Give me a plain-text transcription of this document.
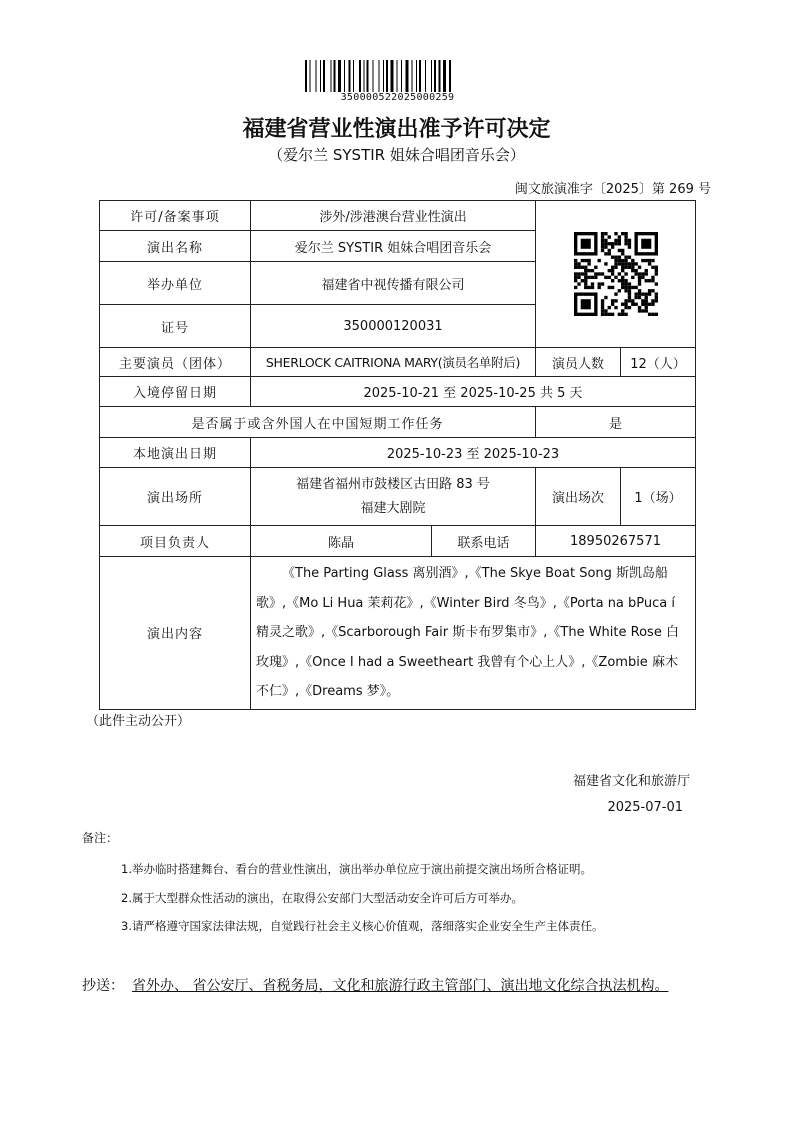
350000522025000259
福建省营业性演出准予许可决定
（爱尔兰 SYSTIR 姐妹合唱团音乐会）
闽文旅演准字〔2025〕第 269 号
许可/备案事项	涉外/涉港澳台营业性演出	

演出名称	爱尔兰 SYSTIR 姐妹合唱团音乐会			
举办单位	福建省中视传播有限公司			
证号	350000120031			
主要演员（团体）	SHERLOCK CAITRIONA MARY(演员名单附后)		演员人数	12（人）
入境停留日期	2025-10-21 至 2025-10-25 共 5 天			
是否属于或含外国人在中国短期工作任务			是	
本地演出日期	2025-10-23 至 2025-10-23			
演出场所	福建省福州市鼓楼区古田路 83 号
福建大剧院		演出场次	1（场）
项目负责人	陈晶	联系电话	18950267571	
演出内容	《The Parting Glass 离别酒》,《The Skye Boat Song 斯凯岛船歌》,《Mo Li Hua 茉莉花》,《Winter Bird 冬鸟》,《Porta na bPuca í 精灵之歌》,《Scarborough Fair 斯卡布罗集市》,《The White Rose 白玫瑰》,《Once I had a Sweetheart 我曾有个心上人》,《Zombie 麻木不仁》,《Dreams 梦》。			
（此件主动公开）
福建省文化和旅游厅
2025-07-01
备注：
1.举办临时搭建舞台、看台的营业性演出，演出举办单位应于演出前提交演出场所合格证明。
2.属于大型群众性活动的演出，在取得公安部门大型活动安全许可后方可举办。
3.请严格遵守国家法律法规，自觉践行社会主义核心价值观，落细落实企业安全生产主体责任。
抄送： 省外办、 省公安厅、省税务局，文化和旅游行政主管部门、演出地文化综合执法机构。
